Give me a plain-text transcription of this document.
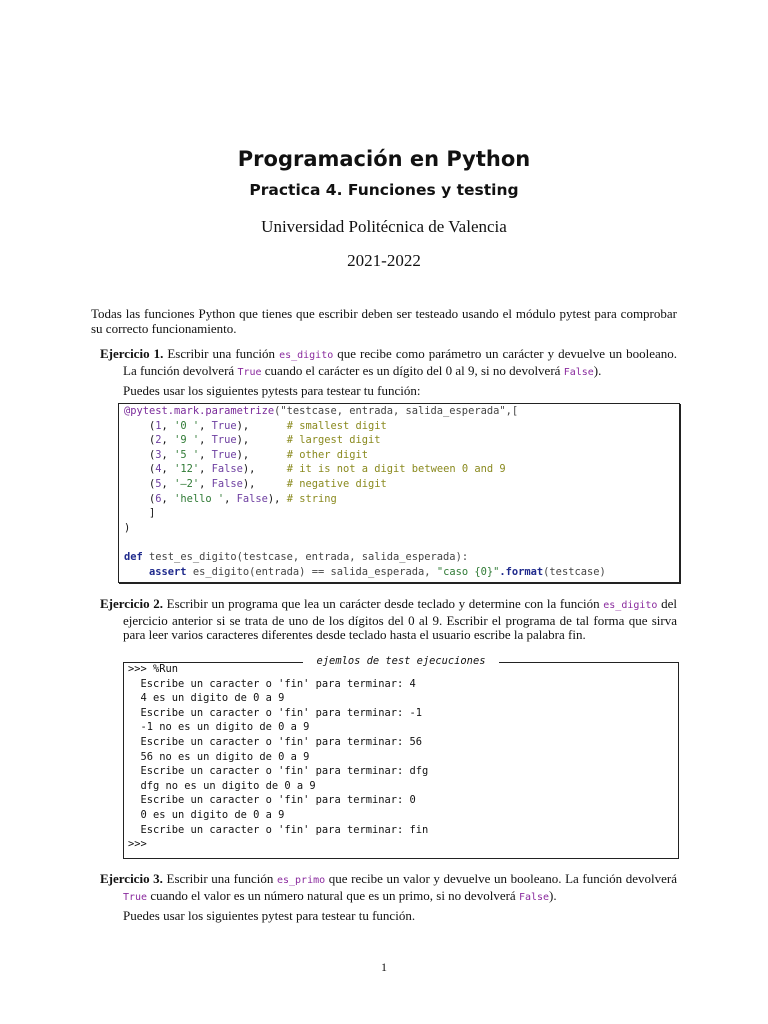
Programación en Python
Practica 4. Funciones y testing
Universidad Politécnica de Valencia
2021-2022
Todas las funciones Python que tienes que escribir deben ser testeado usando el módulo pytest para comprobar su correcto funcionamiento.
Ejercicio 1. Escribir una función es_digito que recibe como parámetro un carácter y devuelve un booleano. La función devolverá True cuando el carácter es un dígito del 0 al 9, si no devolverá False).
Puedes usar los siguientes pytests para testear tu función:
@pytest.mark.parametrize("testcase, entrada, salida_esperada",[
(1, '0 ', True),      # smallest digit
(2, '9 ', True),      # largest digit
(3, '5 ', True),      # other digit
(4, '12', False),     # it is not a digit between 0 and 9
(5, '—2', False),     # negative digit
(6, 'hello ', False), # string
]
)
def test_es_digito(testcase, entrada, salida_esperada):
assert es_digito(entrada) == salida_esperada, "caso {0}".format(testcase)
Ejercicio 2. Escribir un programa que lea un carácter desde teclado y determine con la función es_digito del ejercicio anterior si se trata de uno de los dígitos del 0 al 9. Escribir el programa de tal forma que sirva para leer varios caracteres diferentes desde teclado hasta el usuario escribe la palabra fin.
ejemlos de test ejecuciones
>>> %Run
Escribe un caracter o 'fin' para terminar: 4
4 es un digito de 0 a 9
Escribe un caracter o 'fin' para terminar: -1
-1 no es un digito de 0 a 9
Escribe un caracter o 'fin' para terminar: 56
56 no es un digito de 0 a 9
Escribe un caracter o 'fin' para terminar: dfg
dfg no es un digito de 0 a 9
Escribe un caracter o 'fin' para terminar: 0
0 es un digito de 0 a 9
Escribe un caracter o 'fin' para terminar: fin
>>>
Ejercicio 3. Escribir una función es_primo que recibe un valor y devuelve un booleano. La función devolverá True cuando el valor es un número natural que es un primo, si no devolverá False).
Puedes usar los siguientes pytest para testear tu función.
1
